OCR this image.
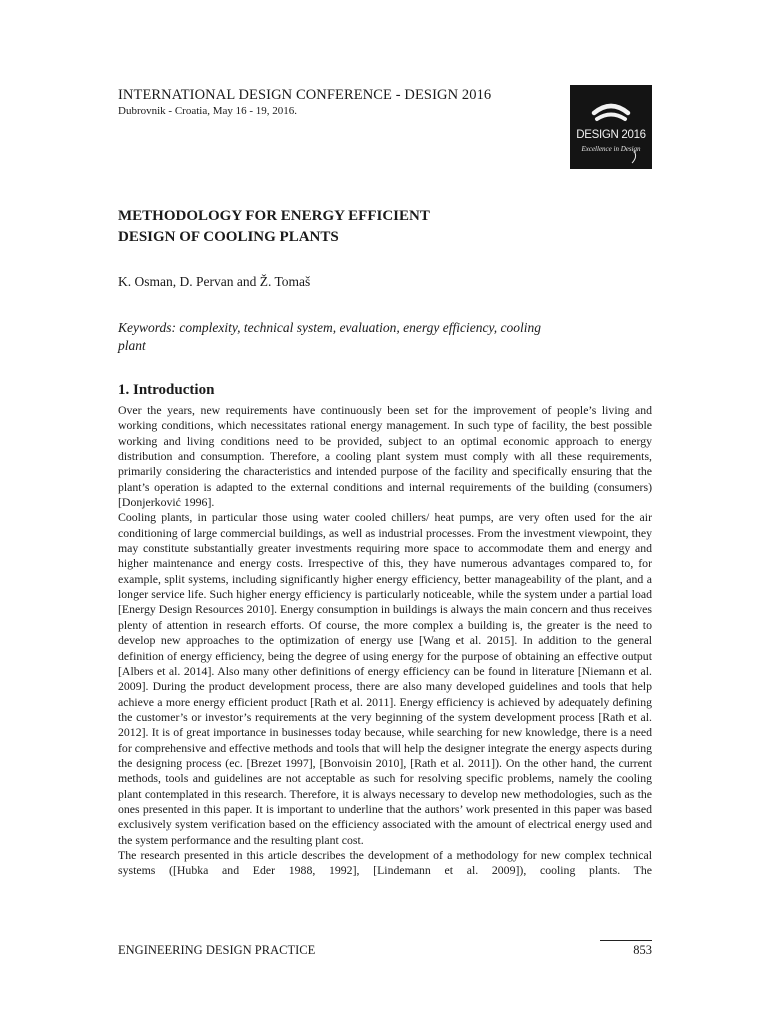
INTERNATIONAL DESIGN CONFERENCE - DESIGN 2016
Dubrovnik - Croatia, May 16 - 19, 2016.
DESIGN 2016
Excellence in Design
METHODOLOGY FOR ENERGY EFFICIENT
DESIGN OF COOLING PLANTS
K. Osman, D. Pervan and Ž. Tomaš
Keywords: complexity, technical system, evaluation, energy efficiency, cooling plant
1. Introduction

Over the years, new requirements have continuously been set for the improvement of people’s living and working conditions, which necessitates rational energy management. In such type of facility, the best possible working and living conditions need to be provided, subject to an optimal economic approach to energy distribution and consumption. Therefore, a cooling plant system must comply with all these requirements, primarily considering the characteristics and intended purpose of the facility and specifically ensuring that the plant’s operation is adapted to the external conditions and internal requirements of the building (consumers) [Donjerković 1996].

Cooling plants, in particular those using water cooled chillers/ heat pumps, are very often used for the air conditioning of large commercial buildings, as well as industrial processes. From the investment viewpoint, they may constitute substantially greater investments requiring more space to accommodate them and energy and higher maintenance and energy costs. Irrespective of this, they have numerous advantages compared to, for example, split systems, including significantly higher energy efficiency, better manageability of the plant, and a longer service life. Such higher energy efficiency is particularly noticeable, while the system under a partial load [Energy Design Resources 2010]. Energy consumption in buildings is always the main concern and thus receives plenty of attention in research efforts. Of course, the more complex a building is, the greater is the need to develop new approaches to the optimization of energy use [Wang et al. 2015]. In addition to the general definition of energy efficiency, being the degree of using energy for the purpose of obtaining an effective output [Albers et al. 2014]. Also many other definitions of energy efficiency can be found in literature [Niemann et al. 2009]. During the product development process, there are also many developed guidelines and tools that help achieve a more energy efficient product [Rath et al. 2011]. Energy efficiency is achieved by adequately defining the customer’s or investor’s requirements at the very beginning of the system development process [Rath et al. 2012]. It is of great importance in businesses today because, while searching for new knowledge, there is a need for comprehensive and effective methods and tools that will help the designer integrate the energy aspects during the designing process (ec. [Brezet 1997], [Bonvoisin 2010], [Rath et al. 2011]). On the other hand, the current methods, tools and guidelines are not acceptable as such for resolving specific problems, namely the cooling plant contemplated in this research. Therefore, it is always necessary to develop new methodologies, such as the ones presented in this paper. It is important to underline that the authors’ work presented in this paper was based exclusively system verification based on the efficiency associated with the amount of electrical energy used and the system performance and the resulting plant cost.

The research presented in this article describes the development of a methodology for new complex technical systems ([Hubka and Eder 1988, 1992], [Lindemann et al. 2009]), cooling plants. The

ENGINEERING DESIGN PRACTICE	853
